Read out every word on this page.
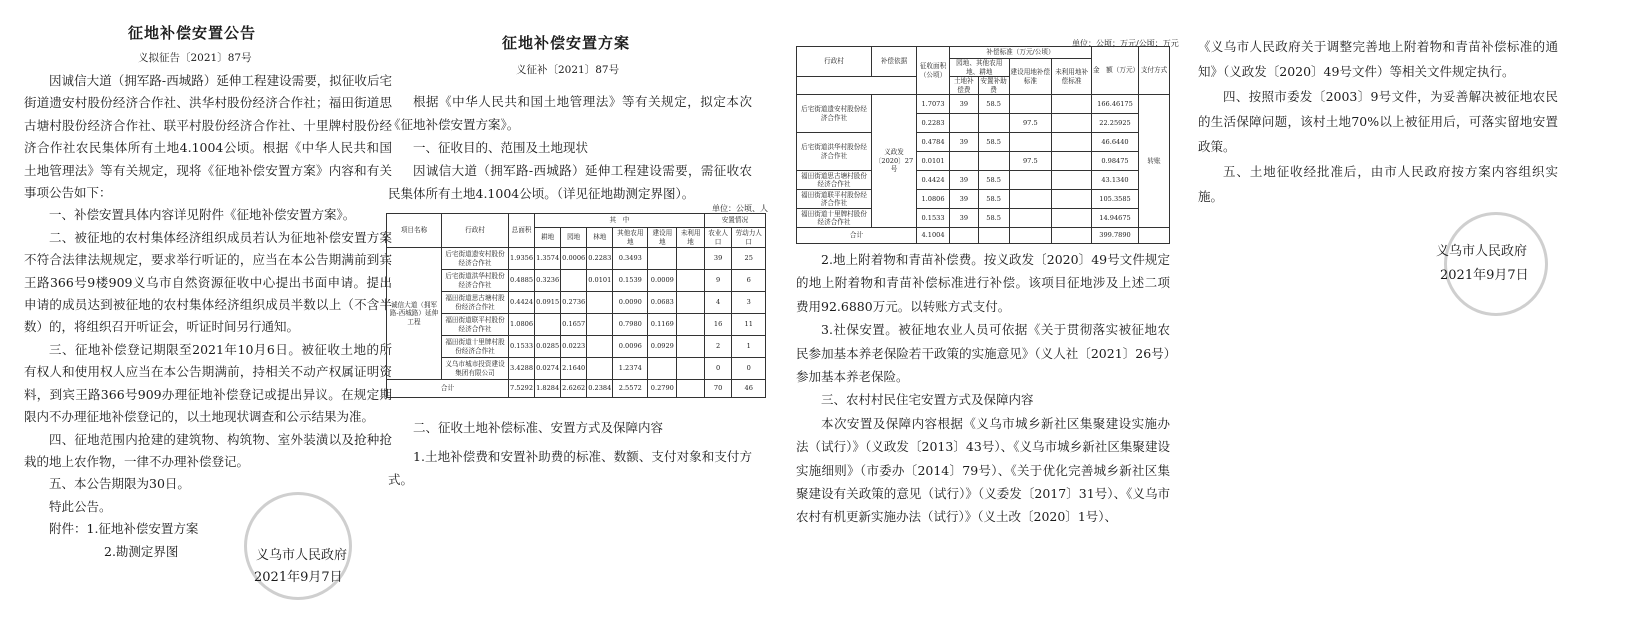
征地补偿安置公告
义拟征告〔2021〕87号

因诚信大道（拥军路-西城路）延伸工程建设需要，拟征收后宅街道遗安村股份经济合作社、洪华村股份经济合作社；福田街道思古塘村股份经济合作社、联平村股份经济合作社、十里牌村股份经济合作社农民集体所有土地4.1004公顷。根据《中华人民共和国土地管理法》等有关规定，现将《征地补偿安置方案》内容和有关事项公告如下：

一、补偿安置具体内容详见附件《征地补偿安置方案》。

二、被征地的农村集体经济组织成员若认为征地补偿安置方案不符合法律法规规定，要求举行听证的，应当在本公告期满前到宾王路366号9楼909义乌市自然资源征收中心提出书面申请。提出申请的成员达到被征地的农村集体经济组织成员半数以上（不含半数）的，将组织召开听证会，听证时间另行通知。

三、征地补偿登记期限至2021年10月6日。被征收土地的所有权人和使用权人应当在本公告期满前，持相关不动产权属证明资料，到宾王路366号909办理征地补偿登记或提出异议。在规定期限内不办理征地补偿登记的，以土地现状调查和公示结果为准。

四、征地范围内抢建的建筑物、构筑物、室外装潢以及抢种抢栽的地上农作物，一律不办理补偿登记。

五、本公告期限为30日。

特此公告。

附件：1.征地补偿安置方案

2.勘测定界图	义乌市人民政府
2021年9月7日
征地补偿安置方案
义征补〔2021〕87号

根据《中华人民共和国土地管理法》等有关规定，拟定本次《征地补偿安置方案》。

一、征收目的、范围及土地现状

因诚信大道（拥军路-西城路）延伸工程建设需要，需征收农民集体所有土地4.1004公顷。（详见征地勘测定界图）。

单位：公顷、人
项目名称	行政村	总面积	其　中						安置情况	
			耕地	园地	林地	其他农用地	建设用地	未利用地	农业人口	劳动力人口
诚信大道（拥军路-西城路）延伸工程	后宅街道遗安村股份经济合作社	1.9356	1.3574	0.0006	0.2283	0.3493			39	25
	后宅街道洪华村股份经济合作社	0.4885	0.3236		0.0101	0.1539	0.0009		9	6
	福田街道思古塘村股份经济合作社	0.4424	0.0915	0.2736		0.0090	0.0683		4	3
	福田街道联平村股份经济合作社	1.0806		0.1657		0.7980	0.1169		16	11
	福田街道十里牌村股份经济合作社	0.1533	0.0285	0.0223		0.0096	0.0929		2	1
	义乌市城市投资建设集团有限公司	3.4288	0.0274	2.1640		1.2374			0	0
合计		7.5292	1.8284	2.6262	0.2384	2.5572	0.2790		70	46

二、征收土地补偿标准、安置方式及保障内容

1.土地补偿费和安置补助费的标准、数额、支付对象和支付方式。

单位：公顷；万元/公顷；万元
行政村	补偿依据	征收面积（公顷）	补偿标准（万元/公顷）				金　额（万元）	支付方式
			园地、其他农用地、耕地		建设用地补偿标准	未利用地补偿标准		
			土地补偿费	安置补助费				
后宅街道遗安村股份经济合作社	义政发〔2020〕27号	1.7073	39	58.5			166.46175	转账
		0.2283			97.5		22.25925	
后宅街道洪华村股份经济合作社		0.4784	39	58.5			46.6440	
		0.0101			97.5		0.98475	
福田街道思古塘村股份经济合作社		0.4424	39	58.5			43.1340	
福田街道联平村股份经济合作社		1.0806	39	58.5			105.3585	
福田街道十里牌村股份经济合作社		0.1533	39	58.5			14.94675	
合计		4.1004					399.7890	

2.地上附着物和青苗补偿费。按义政发〔2020〕49号文件规定的地上附着物和青苗补偿标准进行补偿。该项目征地涉及上述二项费用92.6880万元。以转账方式支付。

3.社保安置。被征地农业人员可依据《关于贯彻落实被征地农民参加基本养老保险若干政策的实施意见》（义人社〔2021〕26号）参加基本养老保险。

三、农村村民住宅安置方式及保障内容

本次安置及保障内容根据《义乌市城乡新社区集聚建设实施办法（试行）》（义政发〔2013〕43号）、《义乌市城乡新社区集聚建设实施细则》（市委办〔2014〕79号）、《关于优化完善城乡新社区集聚建设有关政策的意见（试行）》（义委发〔2017〕31号）、《义乌市农村有机更新实施办法（试行）》（义土改〔2020〕1号）、

《义乌市人民政府关于调整完善地上附着物和青苗补偿标准的通知》（义政发〔2020〕49号文件）等相关文件规定执行。

四、按照市委发〔2003〕9号文件，为妥善解决被征地农民的生活保障问题，该村土地70%以上被征用后，可落实留地安置政策。

五、土地征收经批准后，由市人民政府按方案内容组织实施。

义乌市人民政府
2021年9月7日
